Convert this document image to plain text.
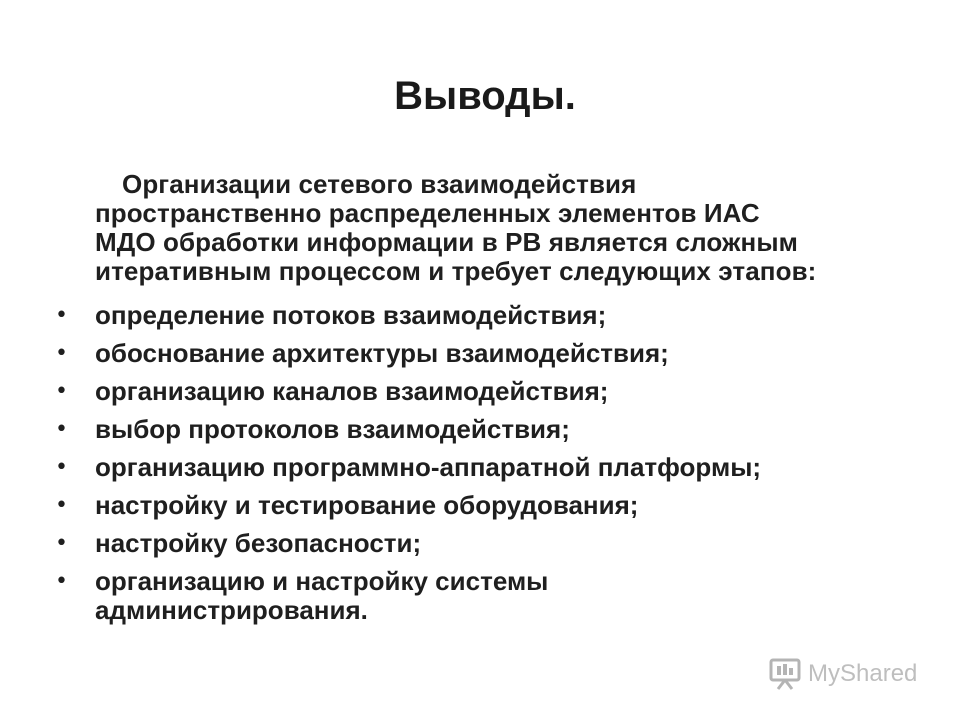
Выводы.
Организации сетевого взаимодействия
пространственно распределенных элементов ИАС
МДО обработки информации в РВ является сложным
итеративным процессом и требует следующих этапов:
• определение потоков взаимодействия;
• обоснование архитектуры взаимодействия;
• организацию каналов взаимодействия;
• выбор протоколов взаимодействия;
• организацию программно-аппаратной платформы;
• настройку и тестирование оборудования;
• настройку безопасности;
• организацию и настройку системы
администрирования.
MyShared
